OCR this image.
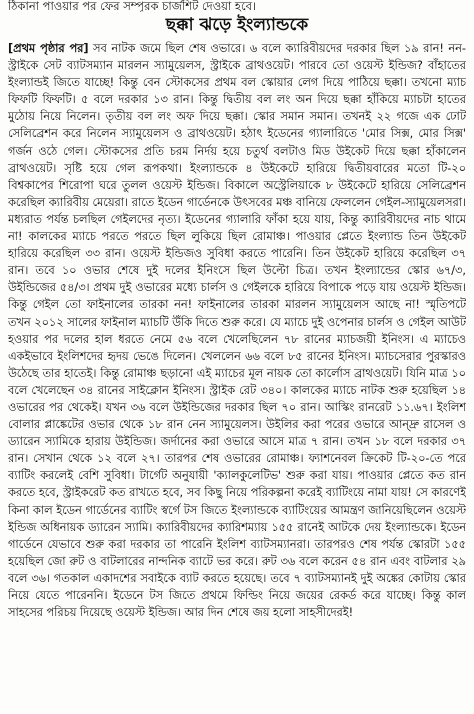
ঠিকানা পাওয়ার পর ফের সম্পূরক চার্জশিট দেওয়া হবে।
ছক্কা ঝড়ে ইংল্যান্ডকে

[প্রথম পৃষ্ঠার পর] সব নাটক জমে ছিল শেষ ওভারে। ৬ বলে ক্যারিবীয়দের দরকার ছিল ১৯ রান! নন-স্ট্রাইকে সেট ব্যাটসম্যান মারলন স্যামুয়েলস, স্ট্রাইকে ব্রাথওয়েট। পারবে তো ওয়েস্ট ইন্ডিজ? বাঁহাতের ইংল্যান্ডই জিতে যাচ্ছে! কিন্তু বেন স্টোকসের প্রথম বল স্কোয়ার লেগ দিয়ে পাঠিয়ে ছক্কা। তখনো ম্যাচ ফিফটি ফিফটি। ৫ বলে দরকার ১৩ রান। কিন্তু দ্বিতীয় বল লং অন দিয়ে ছক্কা হাঁকিয়ে ম্যাচটা হাতের মুঠোয় নিয়ে নিলেন। তৃতীয় বল লং অফ দিয়ে ছক্কা। স্কোর সমান সমান। তখনই ২২ গজে এক ঢোট সেলিব্রেশন করে নিলেন স্যামুয়েলস ও ব্রাথওয়েট। হঠাৎ ইডেনের গ্যালারিতে 'মোর সিক্স, মোর সিক্স' গর্জন ওঠে গেল। স্টোকসের প্রতি চরম নির্দয় হয়ে চতুর্থ বলটাও মিড উইকেট দিয়ে ছক্কা হাঁকালেন ব্রাথওয়েট। সৃষ্টি হয়ে গেল রূপকথা। ইংল্যান্ডকে ৪ উইকেটে হারিয়ে দ্বিতীয়বারের মতো টি-২০ বিশ্বকাপের শিরোপা ঘরে তুলল ওয়েস্ট ইন্ডিজ। বিকালে অস্ট্রেলিয়াকে ৮ উইকেটে হারিয়ে সেলিব্রেশন করেছিল ক্যারিবীয় মেয়েরা। রাতে ইডেন গার্ডেনকে উৎসবের মঞ্চ বানিয়ে ফেললেন গেইল-স্যামুয়েলসরা। মধ্যরাত পর্যন্ত চলছিল গেইলদের নৃত্য। ইডেনের গ্যালারি ফাঁকা হয়ে যায়, কিন্তু ক্যারিবীয়দের নাচ থামে না! কালকের ম্যাচে পরতে পরতে ছিল লুকিয়ে ছিল রোমাঞ্চ। পাওয়ার প্লেতে ইংল্যান্ড তিন উইকেট হারিয়ে করেছিল ৩৩ রান। ওয়েস্ট ইন্ডিজও সুবিধা করতে পারেনি। তিন উইকেট হারিয়ে করেছিল ৩৭ রান। তবে ১০ ওভার শেষে দুই দলের ইনিংসে ছিল উল্টো চিত্র। তখন ইংল্যান্ডের স্কোর ৬৭/৩, উইন্ডিজের ৫৪/৩। প্রথম দুই ওভারের মধ্যে চার্লস ও গেইলকে হারিয়ে বিপাকে পড়ে যায় ওয়েস্ট ইন্ডিজ। কিন্তু গেইল তো ফাইনালের তারকা নন! ফাইনালের তারকা মারলন স্যামুয়েলস আছে না! স্মৃতিপটে তখন ২০১২ সালের ফাইনাল ম্যাচটি উঁকি দিতে শুরু করে। যে ম্যাচে দুই ওপেনার চার্লস ও গেইল আউট হওয়ার পর দলের হাল ধরতে নেমে ৫৬ বলে খেলেছিলেন ৭৮ রানের ম্যাচজয়ী ইনিংস। এ ম্যাচেও একইভাবে ইংলিশদের হৃদয় ভেঙে দিলেন। খেললেন ৬৬ বলে ৮৫ রানের ইনিংস। ম্যাচসেরার পুরস্কারও উঠেছে তার হাতেই। কিন্তু রোমাঞ্চ ছড়ানো এই ম্যাচের মূল নায়ক তো কার্লোস ব্রাথওয়েট। যিনি মাত্র ১০ বলে খেলেছেন ৩৪ রানের সাইক্লোন ইনিংস। স্ট্রাইক রেট ৩৪০। কালকের ম্যাচে নাটক শুরু হয়েছিল ১৪ ওভারের পর থেকেই। যখন ৩৬ বলে উইন্ডিজের দরকার ছিল ৭০ রান। আস্কিং রানরেট ১১.৬৭। ইংলিশ বোলার প্লাঙ্কেটের ওভার থেকে ১৮ রান নেন স্যামুয়েলস। উইলির করা পরের ওভারে আন্দ্রু রাসেল ও ড্যারেন স্যামিকে হারায় উইন্ডিজ। জর্দানের করা ওভারে আসে মাত্র ৭ রান। তখন ১৮ বলে দরকার ৩৭ রান। সেখান থেকে ১২ বলে ২৭। তারপর শেষ ওভারের রোমাঞ্চ। ফ্যাশনেবল ক্রিকেট টি-২০-তে পরে ব্যাটিং করলেই বেশি সুবিধা। টার্গেট অনুযায়ী 'ক্যালকুলেটিভ' শুরু করা যায়। পাওয়ার প্লেতে কত রান করতে হবে, স্ট্রাইকরেট কত রাখতে হবে, সব কিছু নিয়ে পরিকল্পনা করেই ব্যাটিংয়ে নামা যায়! সে কারণেই কিনা কাল ইডেন গার্ডেনের ব্যাটিং স্বর্গে টস জিতে ইংল্যান্ডকে ব্যাটিংয়ের আমন্ত্রণ জানিয়েছিলেন ওয়েস্ট ইন্ডিজ অধিনায়ক ড্যারেন স্যামি। ক্যারিবীয়দের ক্যারিশম্যায় ১৫৫ রানেই আটকে দেয় ইংল্যান্ডকে। ইডেন গার্ডেনে যেভাবে শুরু করা দরকার তা পারেনি ইংলিশ ব্যাটসম্যানরা। তারপরও শেষ পর্যন্ত স্কোরটা ১৫৫ হয়েছিল জো রুট ও বাটলারের নান্দনিক ব্যাটে ভর করে। রুট ৩৬ বলে করেন ৫৪ রান এবং বাটলার ২৯ বলে ৩৬। গতকাল একাদশের সবাইকে ব্যাট করতে হয়েছে। তবে ৭ ব্যাটসম্যানই দুই অঙ্কের কোটায় স্কোর নিয়ে যেতে পারেননি। ইডেনে টস জিতে প্রথমে ফিল্ডিং নিয়ে জয়ের রেকর্ড করে যাচ্ছে। কিন্তু কাল সাহসের পরিচয় দিয়েছে ওয়েস্ট ইন্ডিজ। আর দিন শেষে জয় হলো সাহসীদেরই!
